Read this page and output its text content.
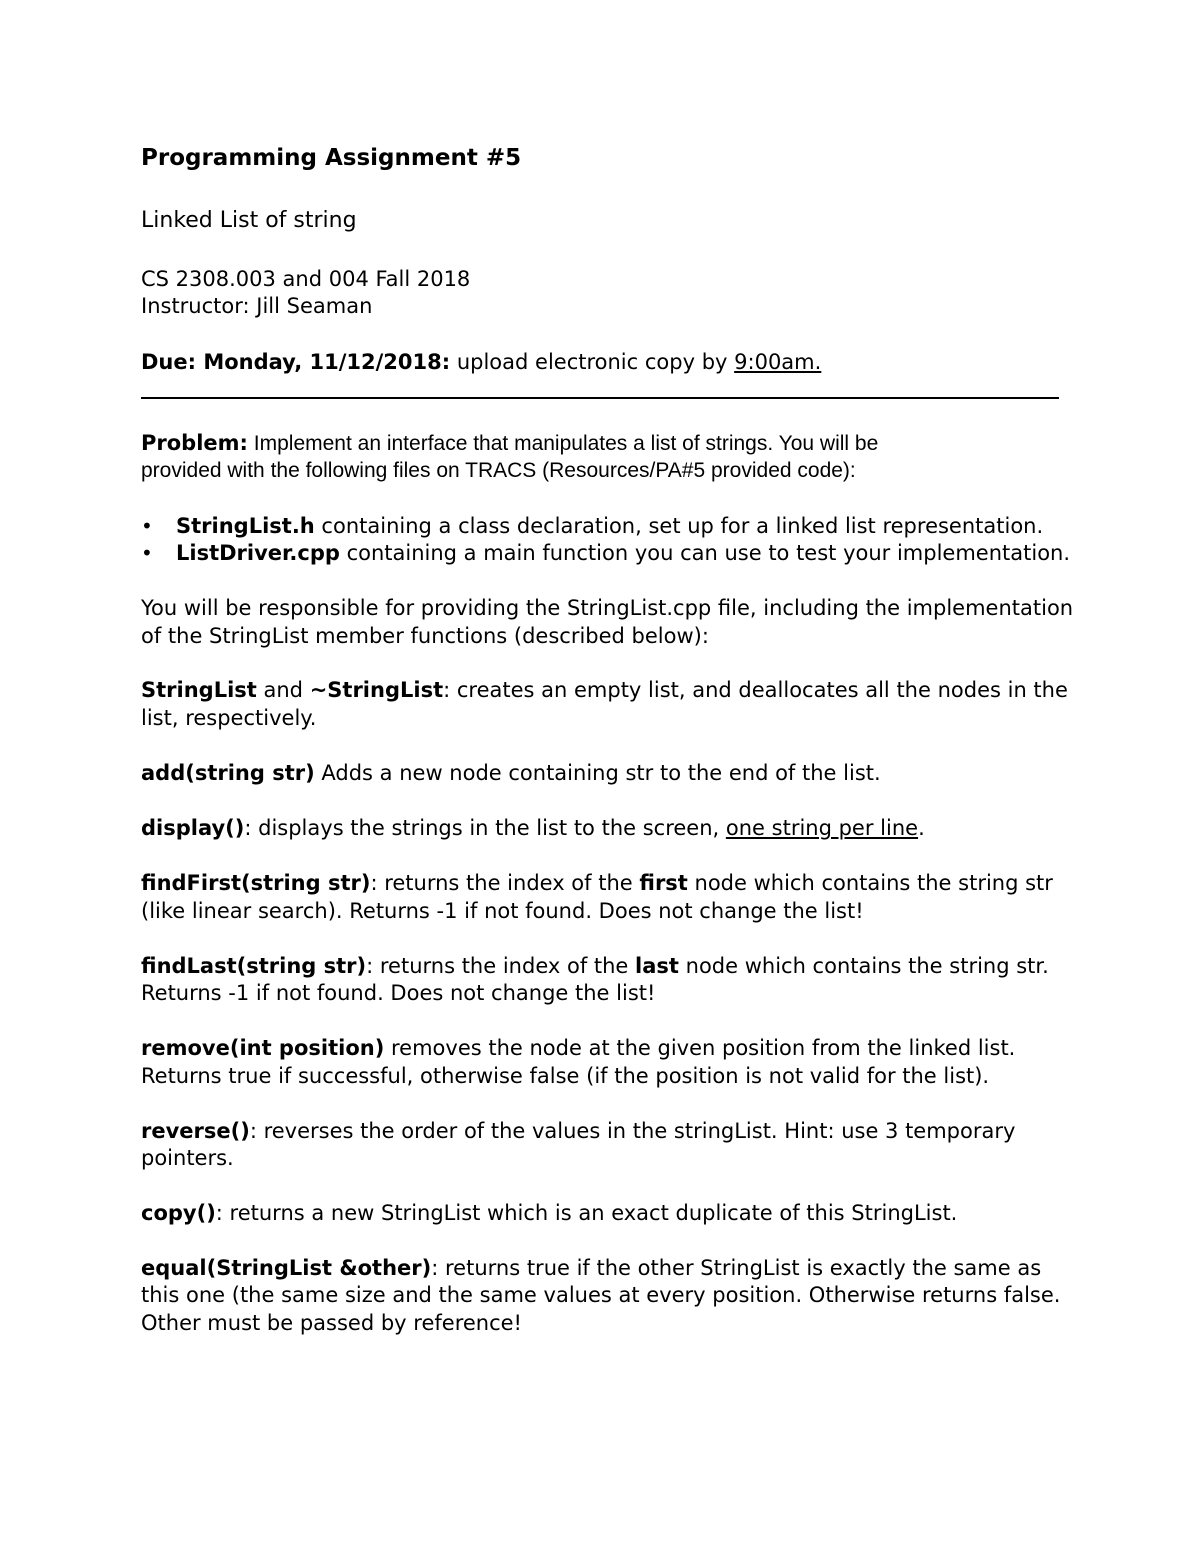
Programming Assignment #5
Linked List of string
CS 2308.003 and 004 Fall 2018
Instructor: Jill Seaman
Due: Monday, 11/12/2018: upload electronic copy by 9:00am.
Problem: Implement an interface that manipulates a list of strings. You will be
provided with the following files on TRACS (Resources/PA#5 provided code):
• StringList.h containing a class declaration, set up for a linked list representation.
• ListDriver.cpp containing a main function you can use to test your implementation.
You will be responsible for providing the StringList.cpp file, including the implementation
of the StringList member functions (described below):
StringList and ~StringList: creates an empty list, and deallocates all the nodes in the
list, respectively.
add(string str) Adds a new node containing str to the end of the list.
display(): displays the strings in the list to the screen, one string per line.
findFirst(string str): returns the index of the first node which contains the string str
(like linear search). Returns -1 if not found. Does not change the list!
findLast(string str): returns the index of the last node which contains the string str.
Returns -1 if not found. Does not change the list!
remove(int position) removes the node at the given position from the linked list.
Returns true if successful, otherwise false (if the position is not valid for the list).
reverse(): reverses the order of the values in the stringList. Hint: use 3 temporary
pointers.
copy(): returns a new StringList which is an exact duplicate of this StringList.
equal(StringList &other): returns true if the other StringList is exactly the same as
this one (the same size and the same values at every position. Otherwise returns false.
Other must be passed by reference!
